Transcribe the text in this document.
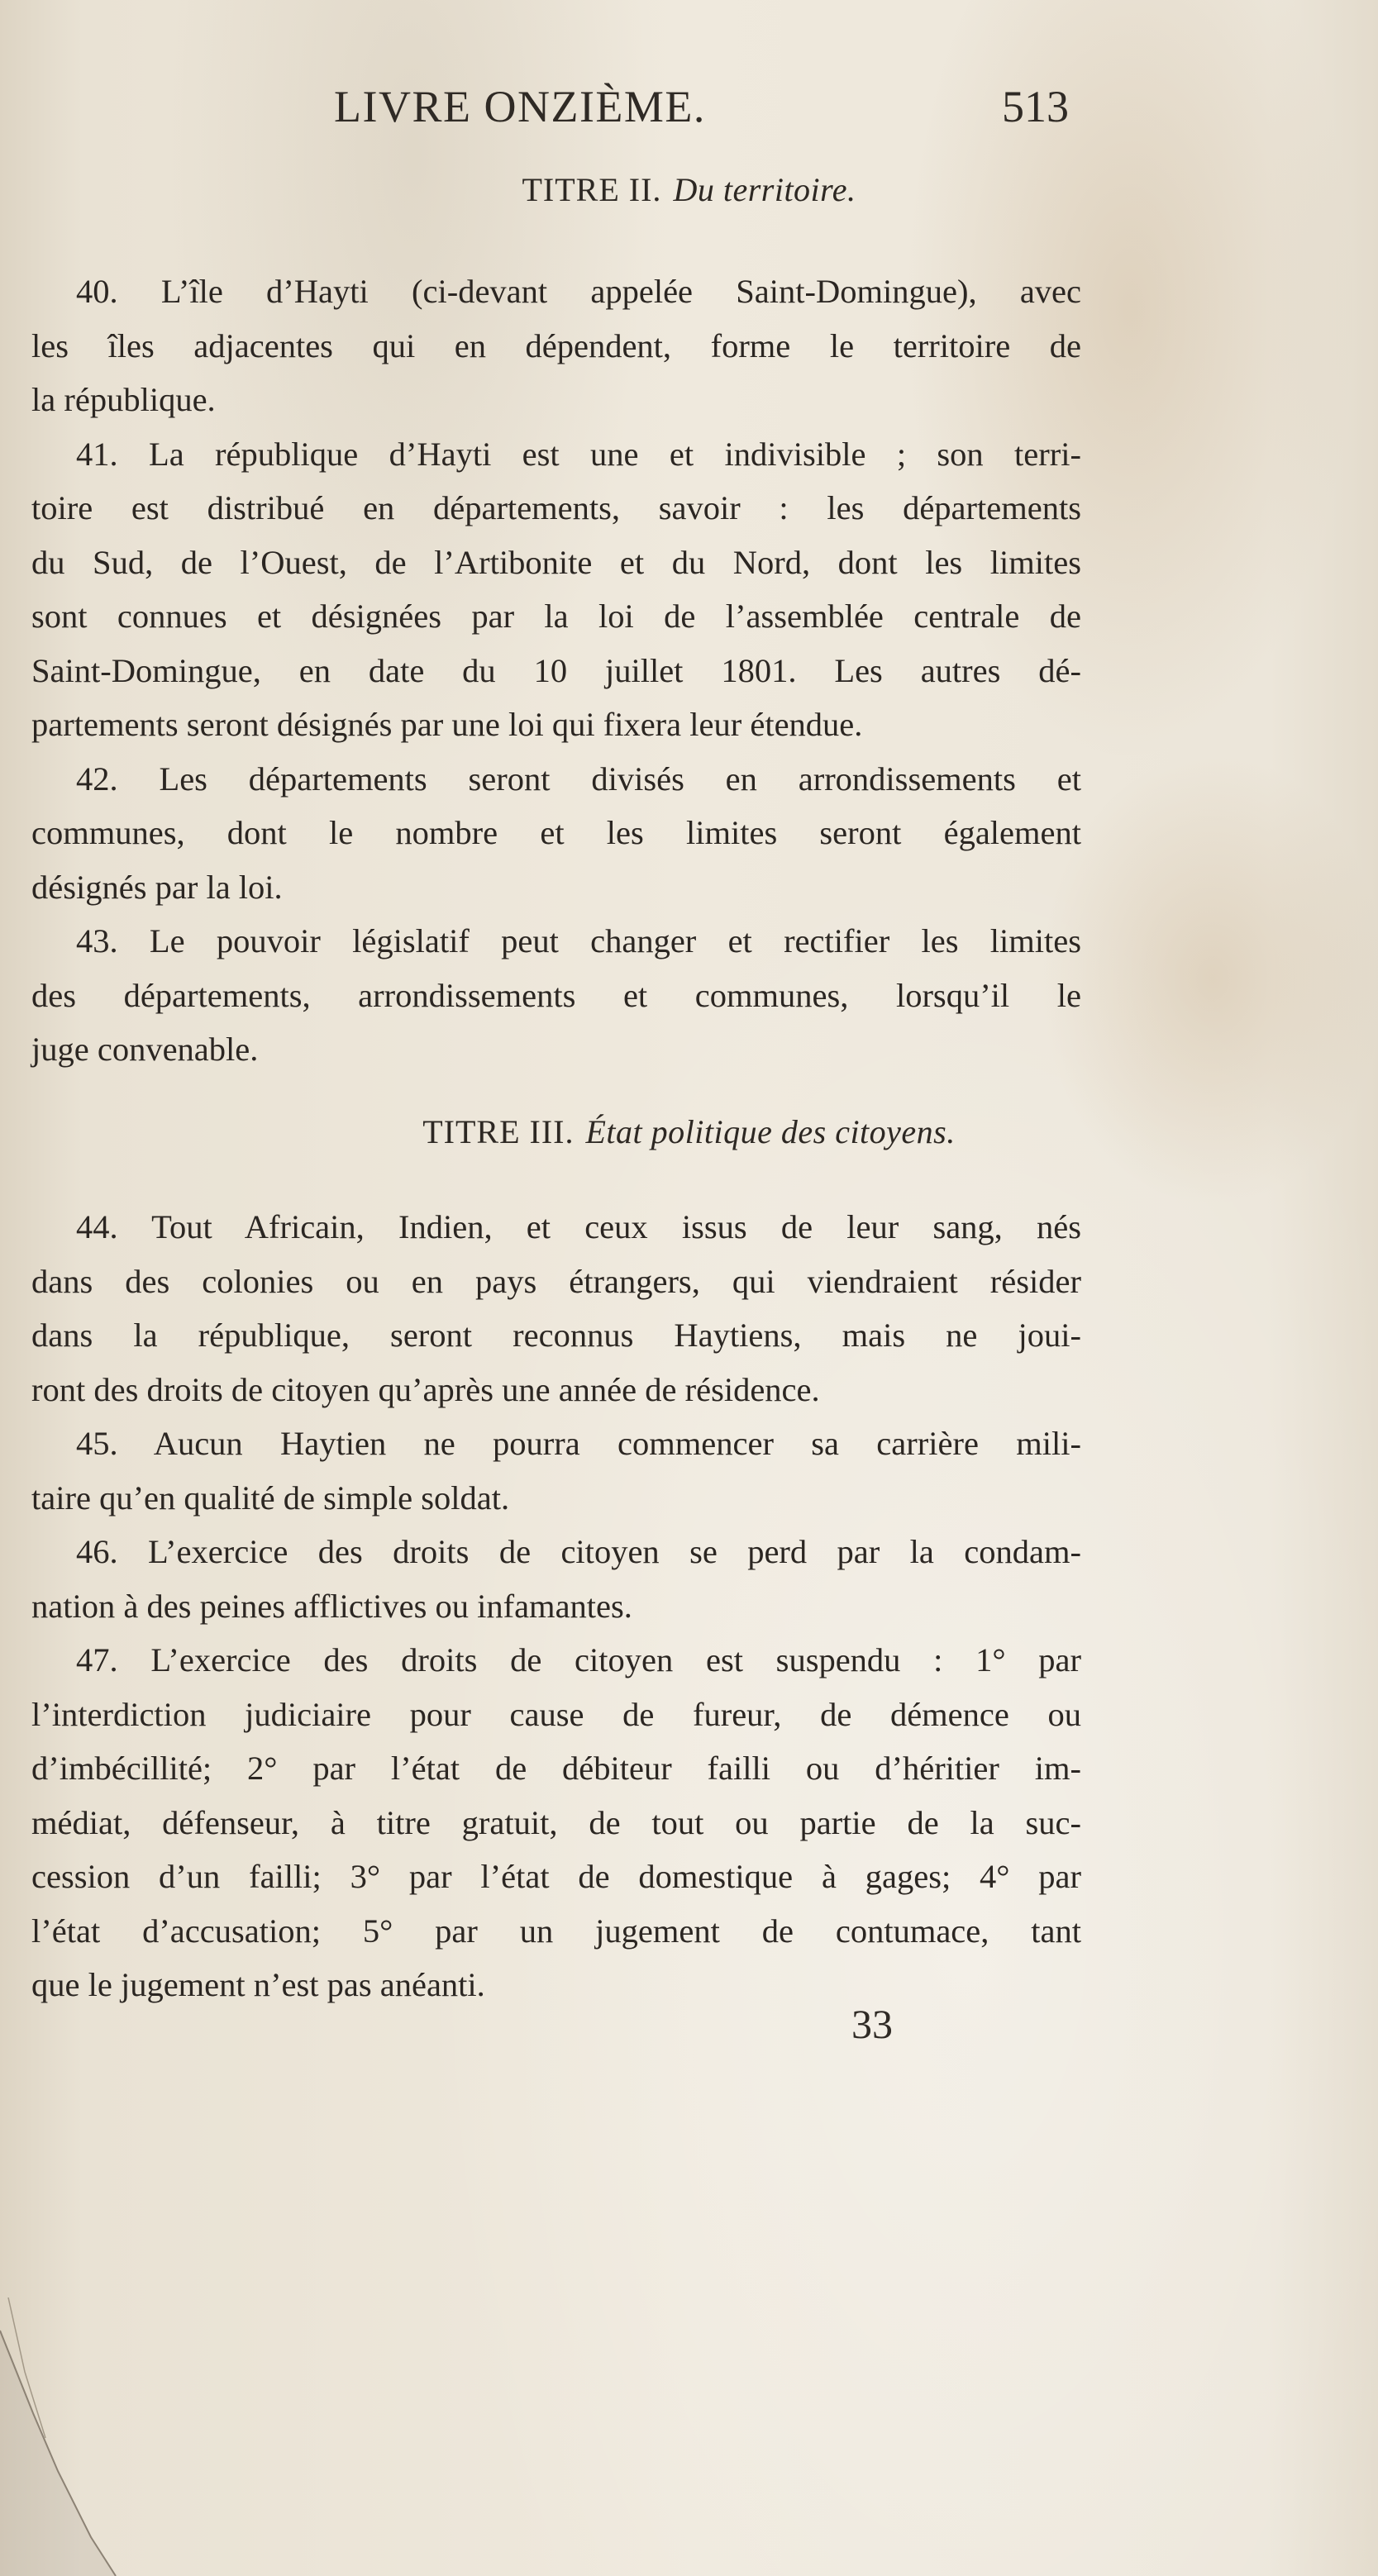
LIVRE ONZIÈME.	513
TITRE II. Du territoire.
40. L’île d’Hayti (ci-devant appelée Saint-Domingue), avec
les îles adjacentes qui en dépendent, forme le territoire de
la république.
41. La république d’Hayti est une et indivisible ; son terri-
toire est distribué en départements, savoir : les départements
du Sud, de l’Ouest, de l’Artibonite et du Nord, dont les limites
sont connues et désignées par la loi de l’assemblée centrale de
Saint-Domingue, en date du 10 juillet 1801. Les autres dé-
partements seront désignés par une loi qui fixera leur étendue.
42. Les départements seront divisés en arrondissements et
communes, dont le nombre et les limites seront également
désignés par la loi.
43. Le pouvoir législatif peut changer et rectifier les limites
des départements, arrondissements et communes, lorsqu’il le
juge convenable.
TITRE III. État politique des citoyens.
44. Tout Africain, Indien, et ceux issus de leur sang, nés
dans des colonies ou en pays étrangers, qui viendraient résider
dans la république, seront reconnus Haytiens, mais ne joui-
ront des droits de citoyen qu’après une année de résidence.
45. Aucun Haytien ne pourra commencer sa carrière mili-
taire qu’en qualité de simple soldat.
46. L’exercice des droits de citoyen se perd par la condam-
nation à des peines afflictives ou infamantes.
47. L’exercice des droits de citoyen est suspendu : 1° par
l’interdiction judiciaire pour cause de fureur, de démence ou
d’imbécillité; 2° par l’état de débiteur failli ou d’héritier im-
médiat, défenseur, à titre gratuit, de tout ou partie de la suc-
cession d’un failli; 3° par l’état de domestique à gages; 4° par
l’état d’accusation; 5° par un jugement de contumace, tant
que le jugement n’est pas anéanti.
33
